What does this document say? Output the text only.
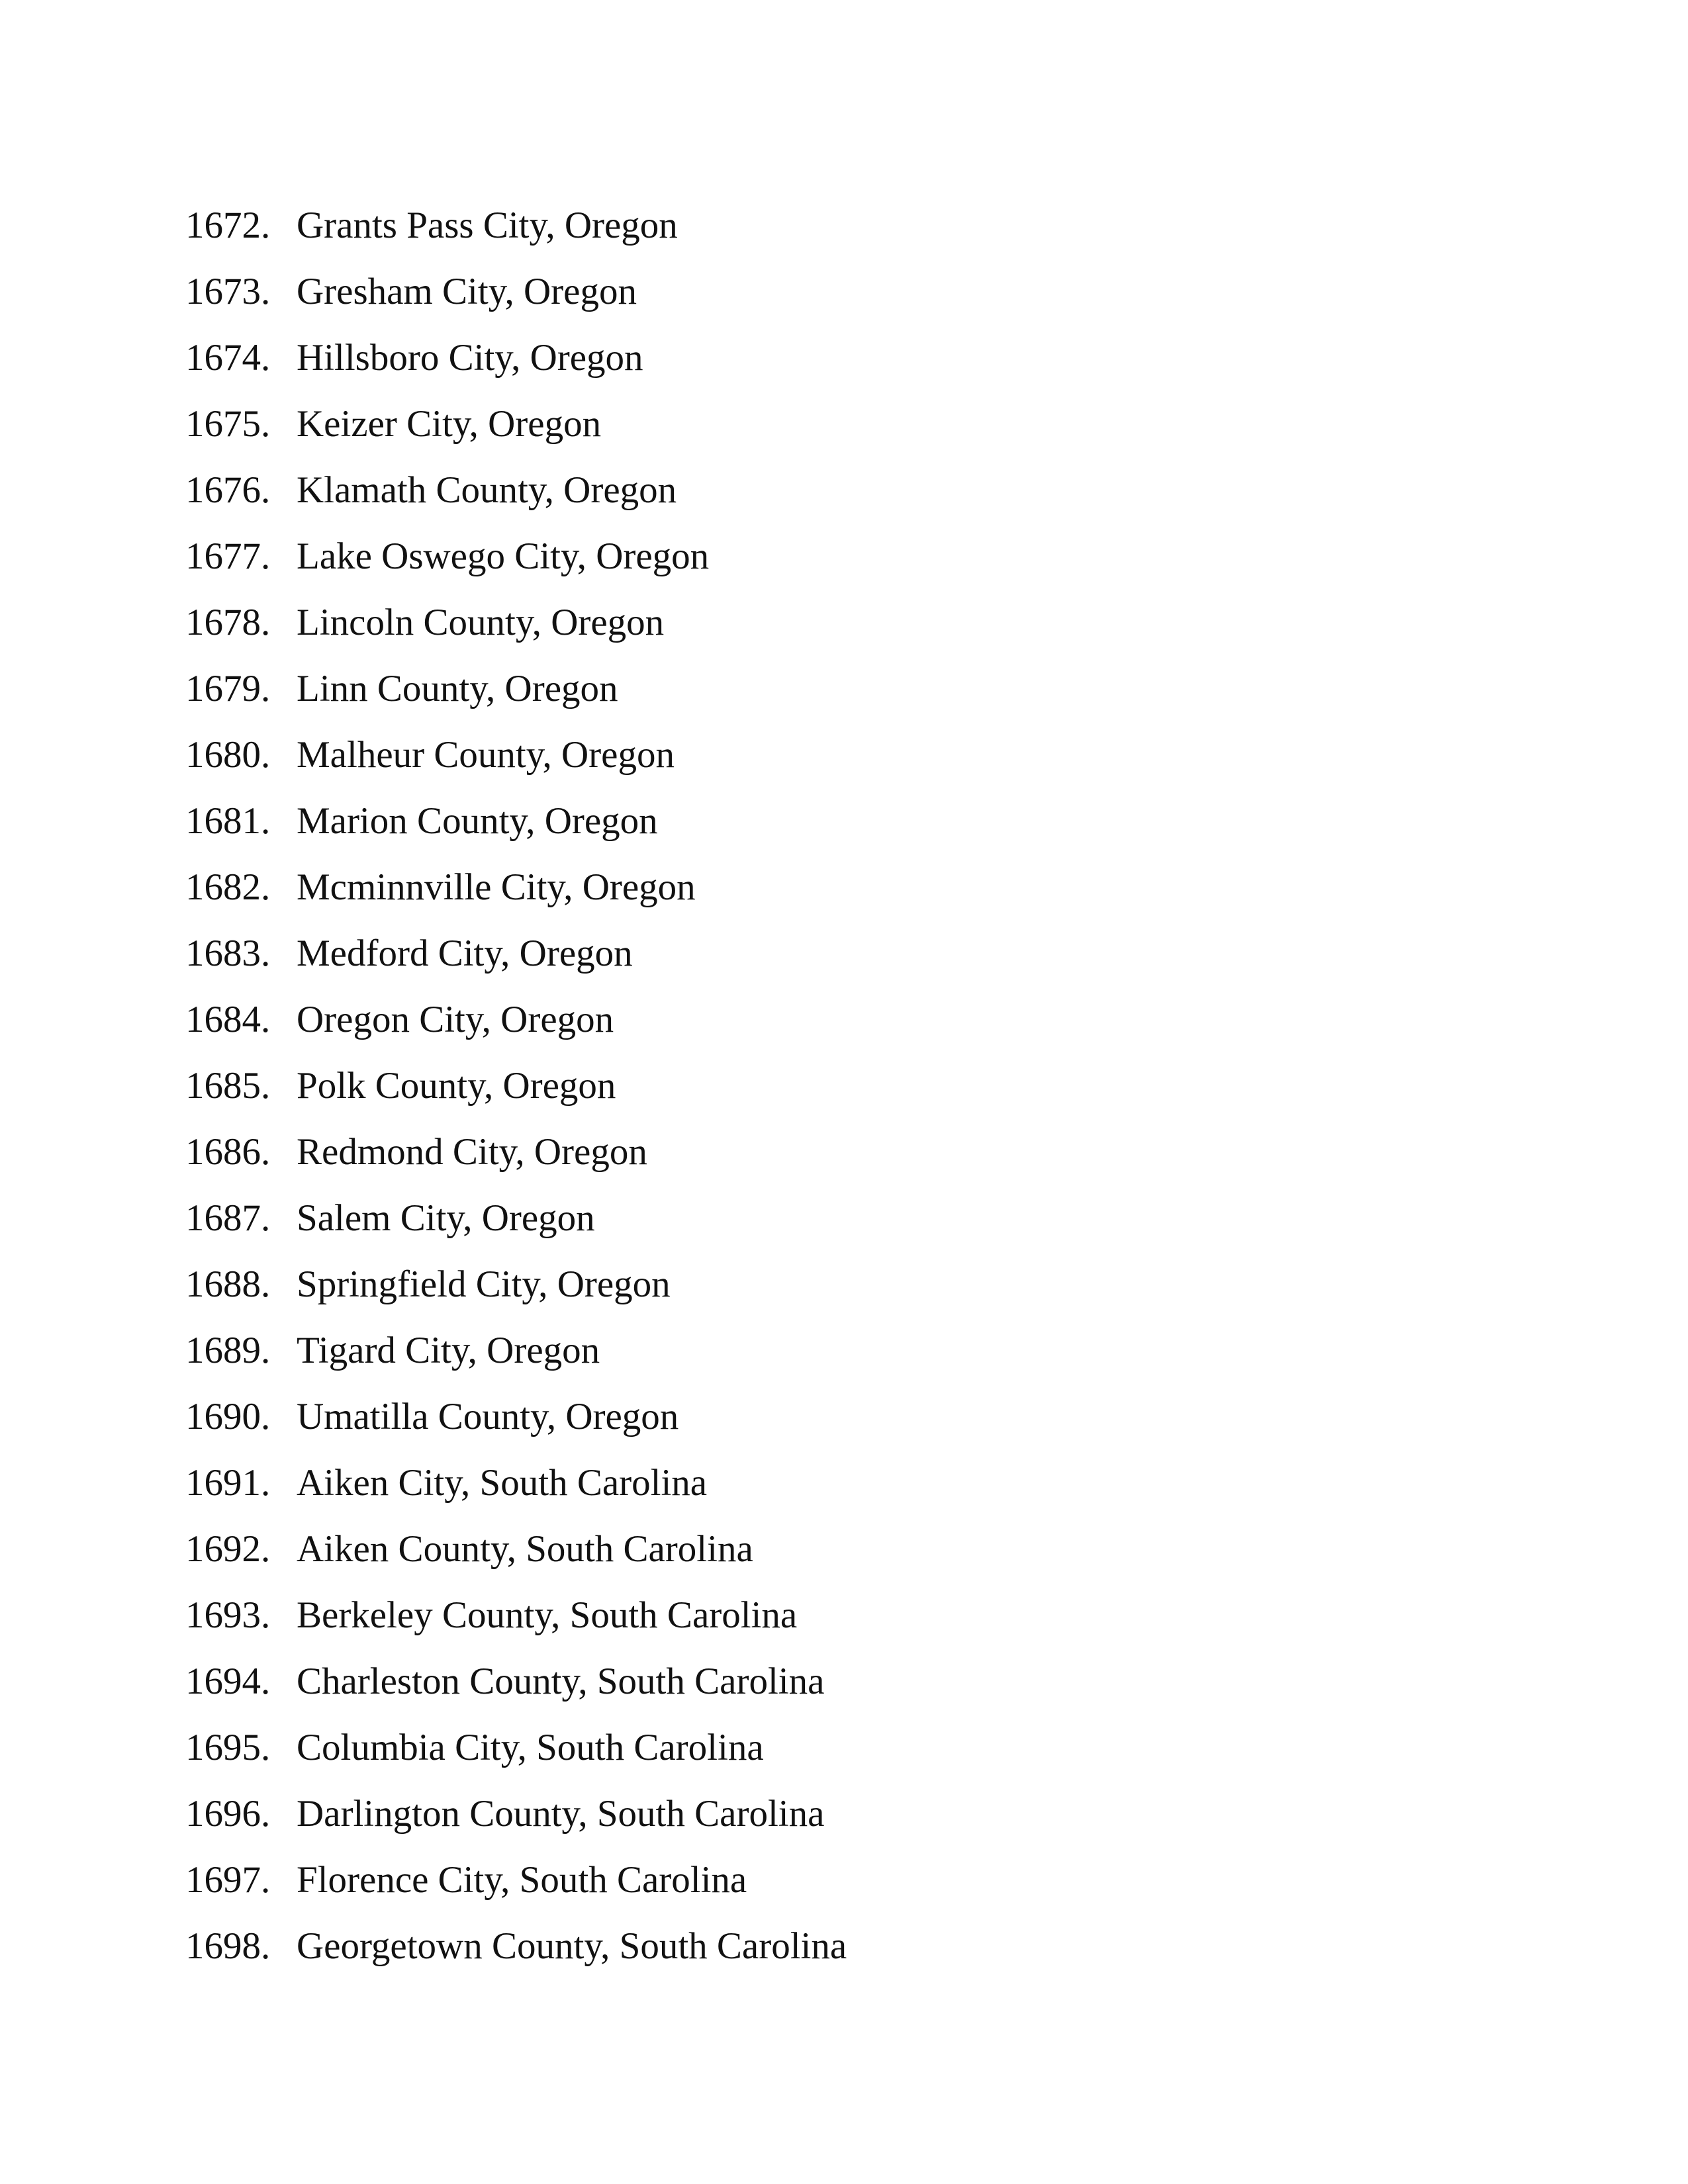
1672. Grants Pass City, Oregon
1673. Gresham City, Oregon
1674. Hillsboro City, Oregon
1675. Keizer City, Oregon
1676. Klamath County, Oregon
1677. Lake Oswego City, Oregon
1678. Lincoln County, Oregon
1679. Linn County, Oregon
1680. Malheur County, Oregon
1681. Marion County, Oregon
1682. Mcminnville City, Oregon
1683. Medford City, Oregon
1684. Oregon City, Oregon
1685. Polk County, Oregon
1686. Redmond City, Oregon
1687. Salem City, Oregon
1688. Springfield City, Oregon
1689. Tigard City, Oregon
1690. Umatilla County, Oregon
1691. Aiken City, South Carolina
1692. Aiken County, South Carolina
1693. Berkeley County, South Carolina
1694. Charleston County, South Carolina
1695. Columbia City, South Carolina
1696. Darlington County, South Carolina
1697. Florence City, South Carolina
1698. Georgetown County, South Carolina
